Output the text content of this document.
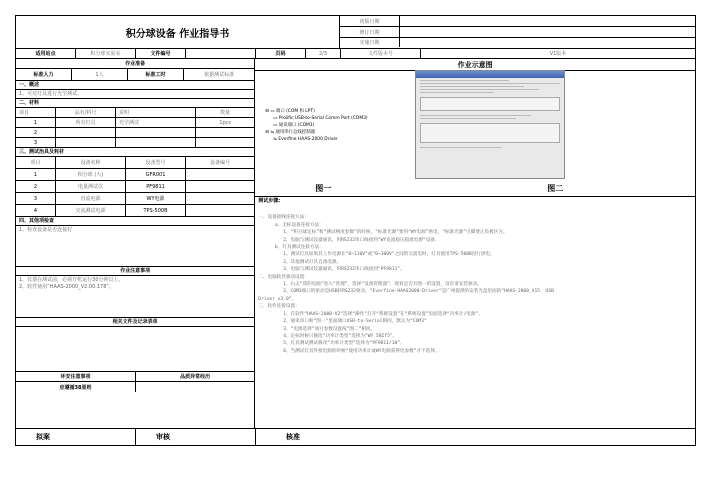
积分球设备 作业指导书
初版日期
修订日期
实施日期
适用站点	积分球实验室	文件编号	页码	2/3	文件版本号	V1版本
作业准备
标准人力	1人	标准工时	依据测试标准
一、概述
1、可对灯具进行光学测试。
二、材料
项目	品名/料号	说明	数量
1	所有灯具	光学测试	1pcs
2
3
三、测试治具及耗材
项目	设备名称	设备型号	设备编号
1	积分球 (大)	GFR001
2	电量测试仪	PF9811
3	直流电源	WY电源
4	交流测试电源	TPS-500B
四、其他项检查
1、检查设备是否连接好
作业注意事项
1、仪器在测试前，必须开机运行30分钟以上。
2、软件使用“HAAS-2000_V2.00.178”。
相关文件及记录表单
环安注意事项	品质异常经历
应遵循38原则
作业示意图
⊟ ▭ 端口 (COM 和 LPT)
▭ Prolific USB-to-Serial Comm Port (COM3)
▭ 通讯端口 (COM1)
⊟ ⇋ 通用串行总线控制器
⇋ Everfine HAAS-2000 Driver
图一	图二
测试步骤:

一、设备接线连接方法：
a、无标设备连接方法：
1、“积分球定标”和“测试响度参数”的时候，“标准光源”要用“WY电源”供电，“标准光源”引脚要正负极区分。
2、电脑与测试仪器通讯，用RS232串口线接到“WY直流稳压稳流电源”设备。
b、灯具测试连接方法：
1、测试灯具如果其工作电源在“0~110V”或“0~300V”之间的交流电时，灯具使用TPS-500B进行供电。
2、其他测试灯具自备电源。
3、电脑与测试仪器通讯，用RS232串口线接到“PF9811”。
二、电脑软件驱动设置：
1、右击“我的电脑”进入“管理”，选择“设备管理器”，观看是否有图一的设置，没有请安装驱动。
2、COM3端口的驱动是USB转RS232驱动，“Everfine-HAAS2000-Driver”是广州提供的安装光盘里面的“HAAS-2000_V15  USB
Driver v3.0”。
三、软件连接设置：
1、在软件“HAAS-2000-V2”选择“操作”打开“系统设置”在“系统设置”里面选择“功率计/电源”。
2、通讯串口和“图一”里面端口USB-to-Serial相同，默认为“COM3”
3、“电源选择”项目参数设置按“图二”相同。
4、定标时候只修改“功率计类型”选择为“WY 5BIT5”。
5、灯具测试测试修改“功率计类型”选择为“PF9811/10”。
6、当测试灯具外接电源的时候“使用功率计或WY电源获得电参数”才不选择。

拟案	审核	核准
